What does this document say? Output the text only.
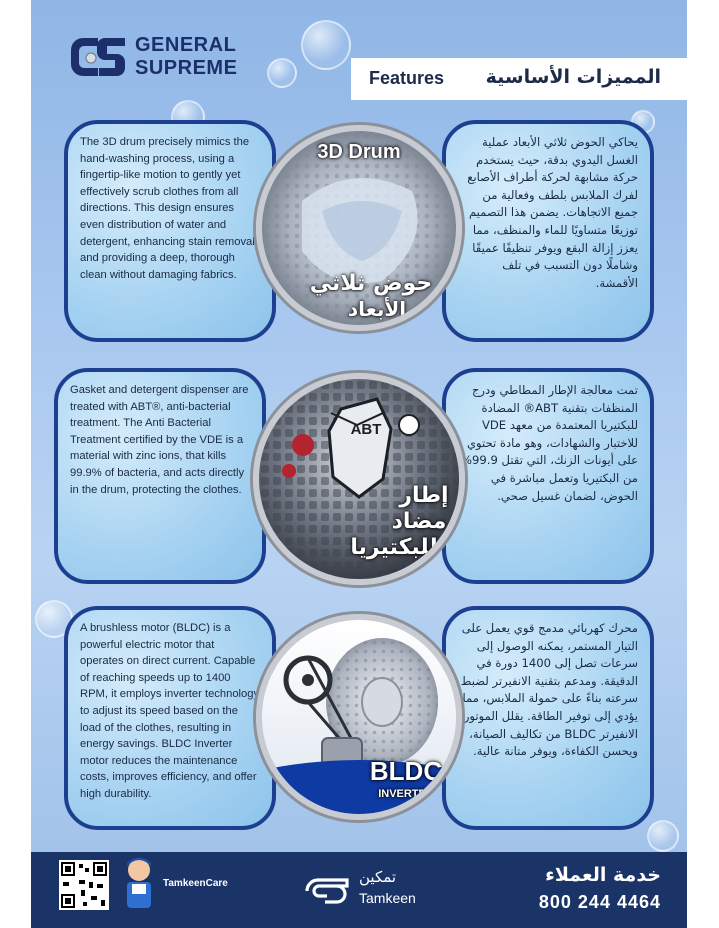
GENERAL
SUPREME	Features المميزات الأساسية
The 3D drum precisely mimics the hand-washing process, using a fingertip-like motion to gently yet effectively scrub clothes from all directions. This design ensures even distribution of water and detergent, enhancing stain removal and providing a deep, thorough clean without damaging fabrics.
يحاكي الحوض ثلاثي الأبعاد عملية الغسل اليدوي بدقة، حيث يستخدم حركة مشابهة لحركة أطراف الأصابع لفرك الملابس بلطف وفعالية من جميع الاتجاهات. يضمن هذا التصميم توزيعًا متساويًا للماء والمنظف، مما يعزز إزالة البقع ويوفر تنظيفًا عميقًا وشاملًا دون التسبب في تلف الأقمشة.
3D Drum
حوض ثلاثي
الأبعاد
Gasket and detergent dispenser are treated with ABT®, anti-bacterial treatment. The Anti Bacterial Treatment certified by the VDE is a material with zinc ions, that kills 99.9% of bacteria, and acts directly in the drum, protecting the clothes.
تمت معالجة الإطار المطاطي ودرج المنظفات بتقنية ABT® المضادة للبكتيريا المعتمدة من معهد VDE للاختبار والشهادات، وهو مادة تحتوي على أيونات الزنك، التي تقتل 99.9% من البكتيريا وتعمل مباشرة في الحوض، لضمان غسيل صحي.
ABT
إطار
مضاد
للبكتيريا
A brushless motor (BLDC) is a powerful electric motor that operates on direct current. Capable of reaching speeds up to 1400 RPM, it employs inverter technology to adjust its speed based on the load of the clothes, resulting in energy savings. BLDC Inverter motor reduces the maintenance costs, improves efficiency, and offer high durability.
محرك كهربائي مدمج قوي يعمل على التيار المستمر، يمكنه الوصول إلى سرعات تصل إلى 1400 دورة في الدقيقة. ومدعم بتقنية الانفيرتر لضبط سرعته بناءً على حمولة الملابس، مما يؤدي إلى توفير الطاقة. يقلل الموتور الانفيرتر BLDC من تكاليف الصيانة، ويحسن الكفاءة، ويوفر متانة عالية.
BLDC
INVERTER
TamkeenCare	تمكين
Tamkeen
خدمة العملاء
800 244 4464
